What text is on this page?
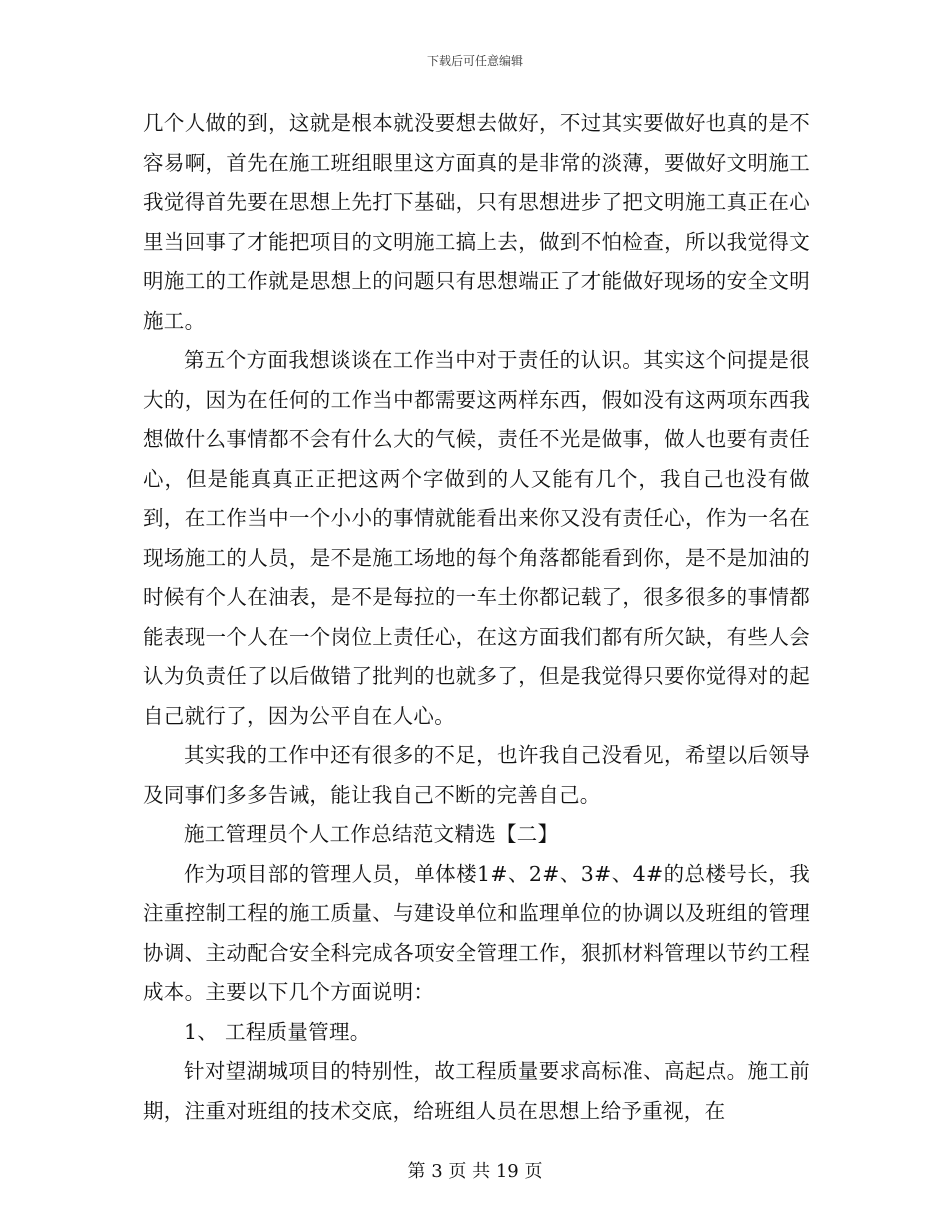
下载后可任意编辑

几个人做的到，这就是根本就没要想去做好，不过其实要做好也真的是不容易啊，首先在施工班组眼里这方面真的是非常的淡薄，要做好文明施工我觉得首先要在思想上先打下基础，只有思想进步了把文明施工真正在心里当回事了才能把项目的文明施工搞上去，做到不怕检查，所以我觉得文明施工的工作就是思想上的问题只有思想端正了才能做好现场的安全文明施工。

第五个方面我想谈谈在工作当中对于责任的认识。其实这个问提是很大的，因为在任何的工作当中都需要这两样东西，假如没有这两项东西我想做什么事情都不会有什么大的气候，责任不光是做事，做人也要有责任心，但是能真真正正把这两个字做到的人又能有几个，我自己也没有做到，在工作当中一个小小的事情就能看出来你又没有责任心，作为一名在现场施工的人员，是不是施工场地的每个角落都能看到你，是不是加油的时候有个人在油表，是不是每拉的一车土你都记载了，很多很多的事情都能表现一个人在一个岗位上责任心，在这方面我们都有所欠缺，有些人会认为负责任了以后做错了批判的也就多了，但是我觉得只要你觉得对的起自己就行了，因为公平自在人心。

其实我的工作中还有很多的不足，也许我自己没看见，希望以后领导及同事们多多告诫，能让我自己不断的完善自己。

施工管理员个人工作总结范文精选【二】

作为项目部的管理人员，单体楼1#、2#、3#、4#的总楼号长，我注重控制工程的施工质量、与建设单位和监理单位的协调以及班组的管理协调、主动配合安全科完成各项安全管理工作，狠抓材料管理以节约工程成本。主要以下几个方面说明：

1、 工程质量管理。

针对望湖城项目的特别性，故工程质量要求高标准、高起点。施工前期，注重对班组的技术交底，给班组人员在思想上给予重视，在

第 3 页 共 19 页
